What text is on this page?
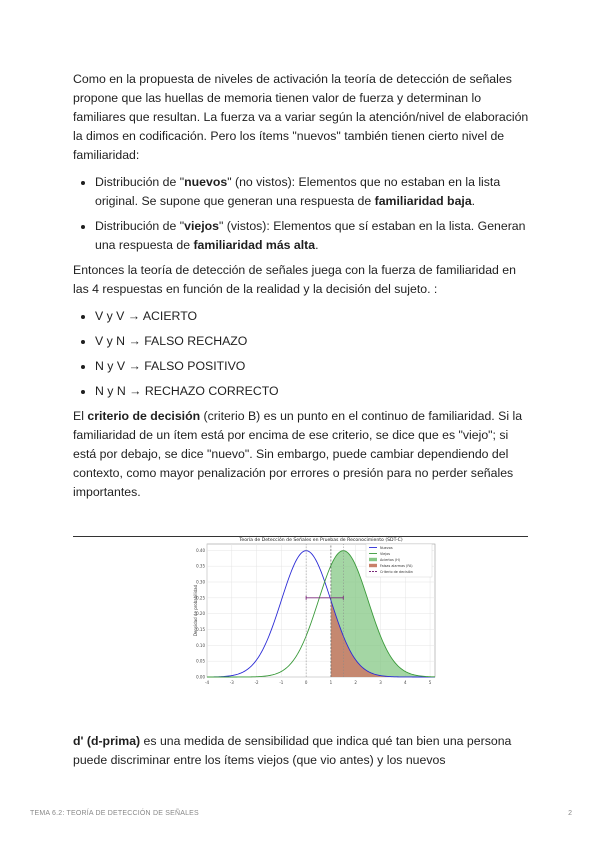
Como en la propuesta de niveles de activación la teoría de detección de señales propone que las huellas de memoria tienen valor de fuerza y determinan lo familiares que resultan. La fuerza va a variar según la atención/nivel de elaboración la dimos en codificación. Pero los ítems "nuevos" también tienen cierto nivel de familiaridad:

• Distribución de "nuevos" (no vistos): Elementos que no estaban en la lista original. Se supone que generan una respuesta de familiaridad baja.
• Distribución de "viejos" (vistos): Elementos que sí estaban en la lista. Generan una respuesta de familiaridad más alta.

Entonces la teoría de detección de señales juega con la fuerza de familiaridad en las 4 respuestas en función de la realidad y la decisión del sujeto. :

• V y V → ACIERTO
• V y N → FALSO RECHAZO
• N y V → FALSO POSITIVO
• N y N → RECHAZO CORRECTO

El criterio de decisión (criterio B) es un punto en el continuo de familiaridad. Si la familiaridad de un ítem está por encima de ese criterio, se dice que es "viejo"; si está por debajo, se dice "nuevo". Sin embargo, puede cambiar dependiendo del contexto, como mayor penalización por errores o presión para no perder señales importantes.

-4	-3	-2	-1	0	1	2	3	4	5
0.00
0.05
0.10
0.15
0.20
0.25
0.30
0.35
0.40
Teoría de Detección de Señales en Pruebas de Reconocimiento (SDT-C)
Densidad de probabilidad
Nuevos
Viejos
Aciertos (H)
Falsas alarmas (FA)
Criterio de decisión
d' (d-prima) es una medida de sensibilidad que indica qué tan bien una persona puede discriminar entre los ítems viejos (que vio antes) y los nuevos
TEMA 6.2: TEORÍA DE DETECCIÓN DE SEÑALES	2
